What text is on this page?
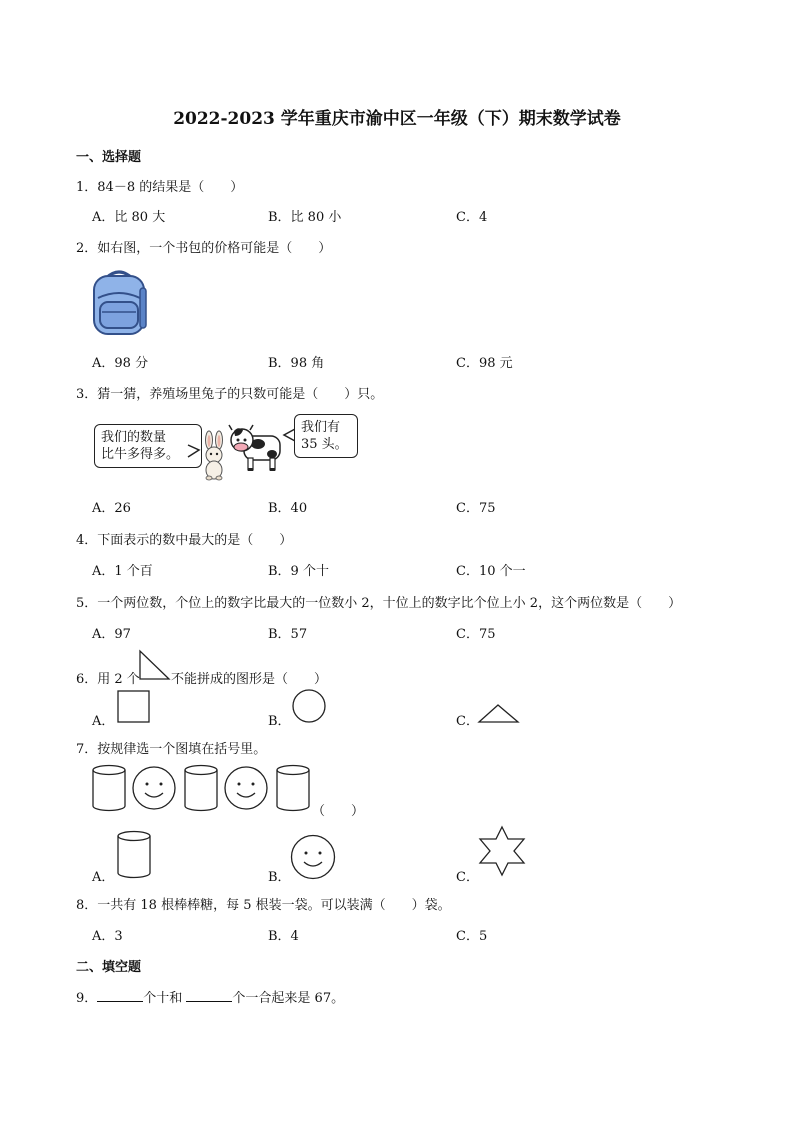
2022-2023 学年重庆市渝中区一年级（下）期末数学试卷
一、选择题
1．84－8 的结果是（　　）
A．比 80 大	B．比 80 小	C．4
2．如右图，一个书包的价格可能是（　　）
A．98 分	B．98 角	C．98 元
3．猜一猜，养殖场里兔子的只数可能是（　　）只。
我们的数量
比牛多得多。
我们有
35 头。
A．26	B．40	C．75
4．下面表示的数中最大的是（　　）
A．1 个百	B．9 个十	C．10 个一
5．一个两位数，个位上的数字比最大的一位数小 2，十位上的数字比个位上小 2，这个两位数是（　　）
A．97	B．57	C．75
6．用 2 个 不能拼成的图形是（　　）
A．	B．	C．
7．按规律选一个图填在括号里。
（　　）
A．	B．	C．
8．一共有 18 根棒棒糖，每 5 根装一袋。可以装满（　　）袋。
A．3	B．4	C．5
二、填空题
9．	个十和	个一合起来是 67。
